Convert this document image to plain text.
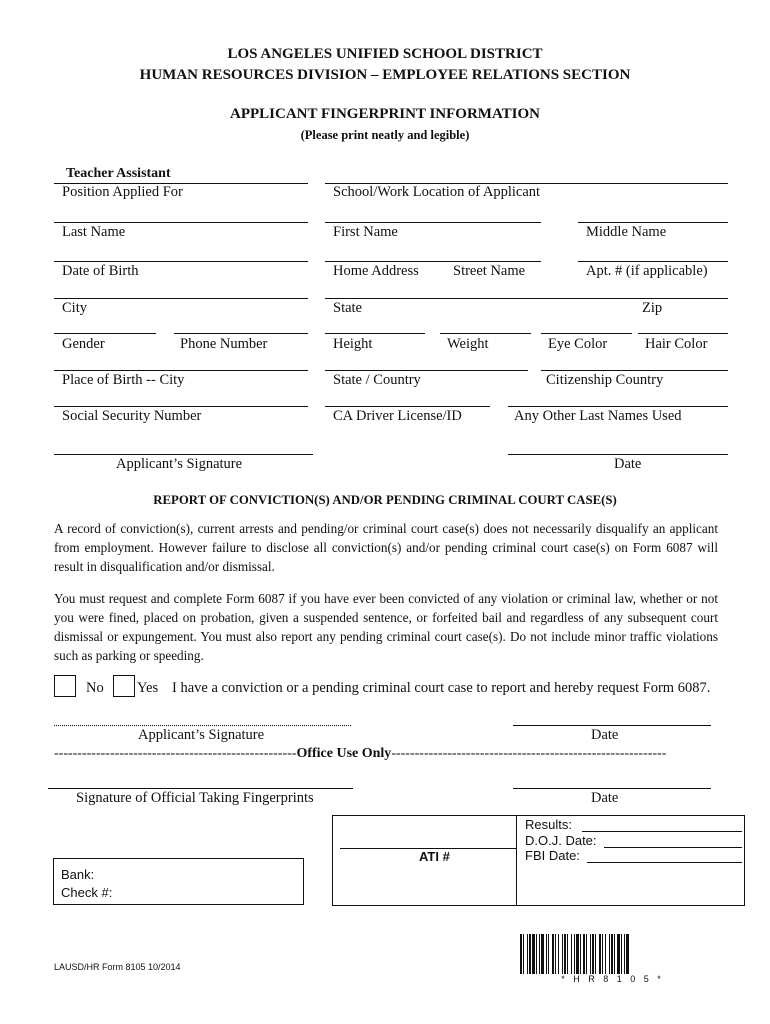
LOS ANGELES UNIFIED SCHOOL DISTRICT
HUMAN RESOURCES DIVISION – EMPLOYEE RELATIONS SECTION
APPLICANT FINGERPRINT INFORMATION
(Please print neatly and legible)
Teacher Assistant
Position Applied For	School/Work Location of Applicant
Last Name	First Name	Middle Name
Date of Birth	Home Address Street Name	Apt. # (if applicable)
City	State	Zip
Gender	Phone Number	Height	Weight	Eye Color	Hair Color
Place of Birth -- City	State / Country	Citizenship Country
Social Security Number	CA Driver License/ID	Any Other Last Names Used
Applicant’s Signature	Date
REPORT OF CONVICTION(S) AND/OR PENDING CRIMINAL COURT CASE(S)
A record of conviction(s), current arrests and pending/or criminal court case(s) does not necessarily disqualify an applicant from employment. However failure to disclose all conviction(s) and/or pending criminal court case(s) on Form 6087 will result in disqualification and/or dismissal.
You must request and complete Form 6087 if you have ever been convicted of any violation or criminal law, whether or not you were fined, placed on probation, given a suspended sentence, or forfeited bail and regardless of any subsequent court dismissal or expungement. You must also report any pending criminal court case(s). Do not include minor traffic violations such as parking or speeding.
No Yes I have a conviction or a pending criminal court case to report and hereby request Form 6087.
Applicant’s Signature	Date
----------------------------------------------------Office Use Only-----------------------------------------------------------
Signature of Official Taking Fingerprints	Date
ATI #
Results:
D.O.J. Date:
FBI Date:
Bank:
Check #:
LAUSD/HR Form 8105 10/2014
* H R 8 1 0 5 *
